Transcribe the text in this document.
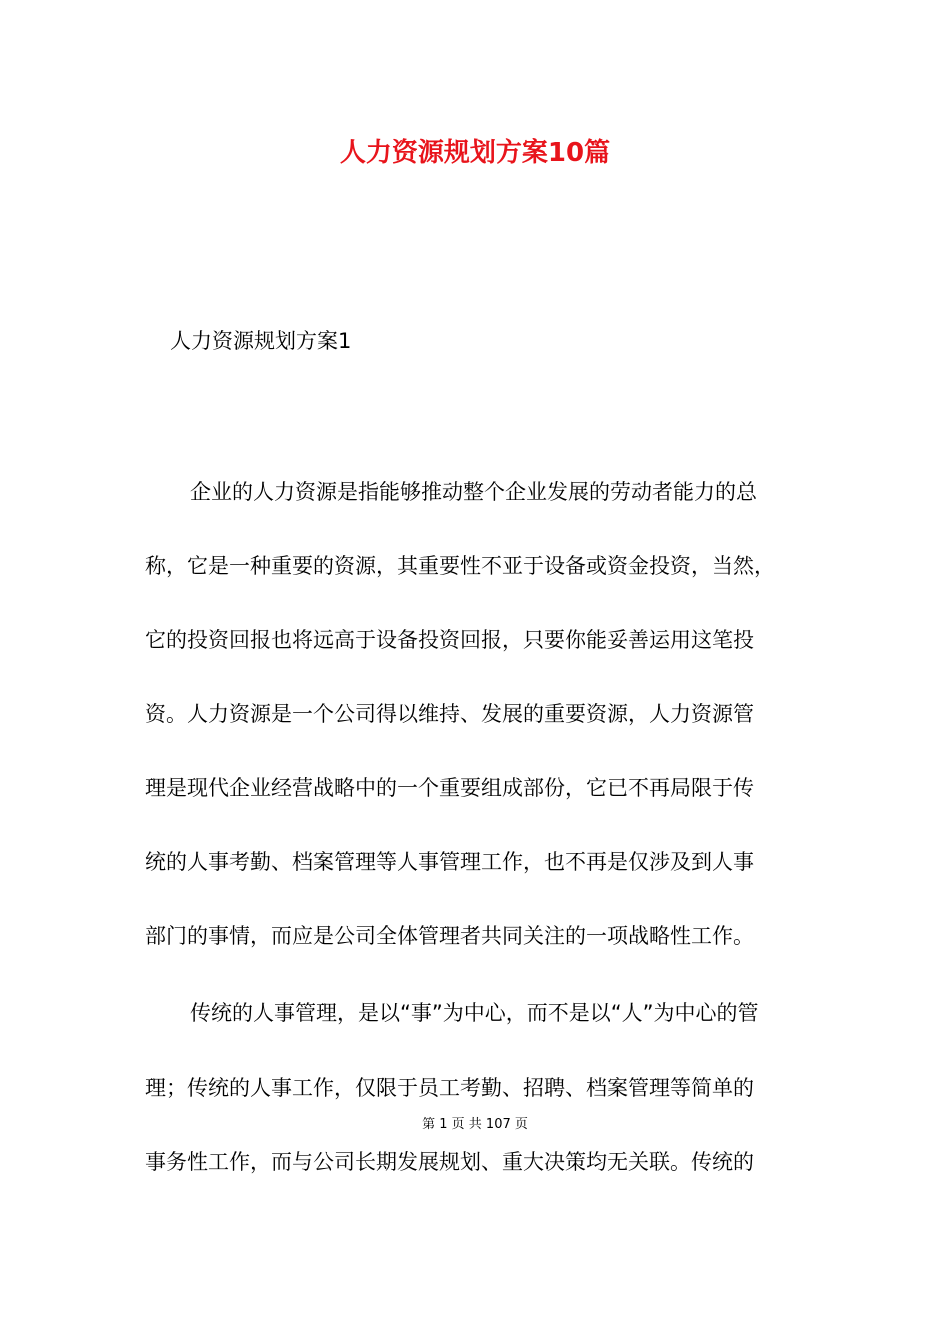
人力资源规划方案10篇
人力资源规划方案1
企业的人力资源是指能够推动整个企业发展的劳动者能力的总
称，它是一种重要的资源，其重要性不亚于设备或资金投资，当然，
它的投资回报也将远高于设备投资回报，只要你能妥善运用这笔投
资。人力资源是一个公司得以维持、发展的重要资源，人力资源管
理是现代企业经营战略中的一个重要组成部份，它已不再局限于传
统的人事考勤、档案管理等人事管理工作，也不再是仅涉及到人事
部门的事情，而应是公司全体管理者共同关注的一项战略性工作。
传统的人事管理，是以“事”为中心，而不是以“人”为中心的管
理；传统的人事工作，仅限于员工考勤、招聘、档案管理等简单的
第 1 页 共 107 页
事务性工作，而与公司长期发展规划、重大决策均无关联。传统的
